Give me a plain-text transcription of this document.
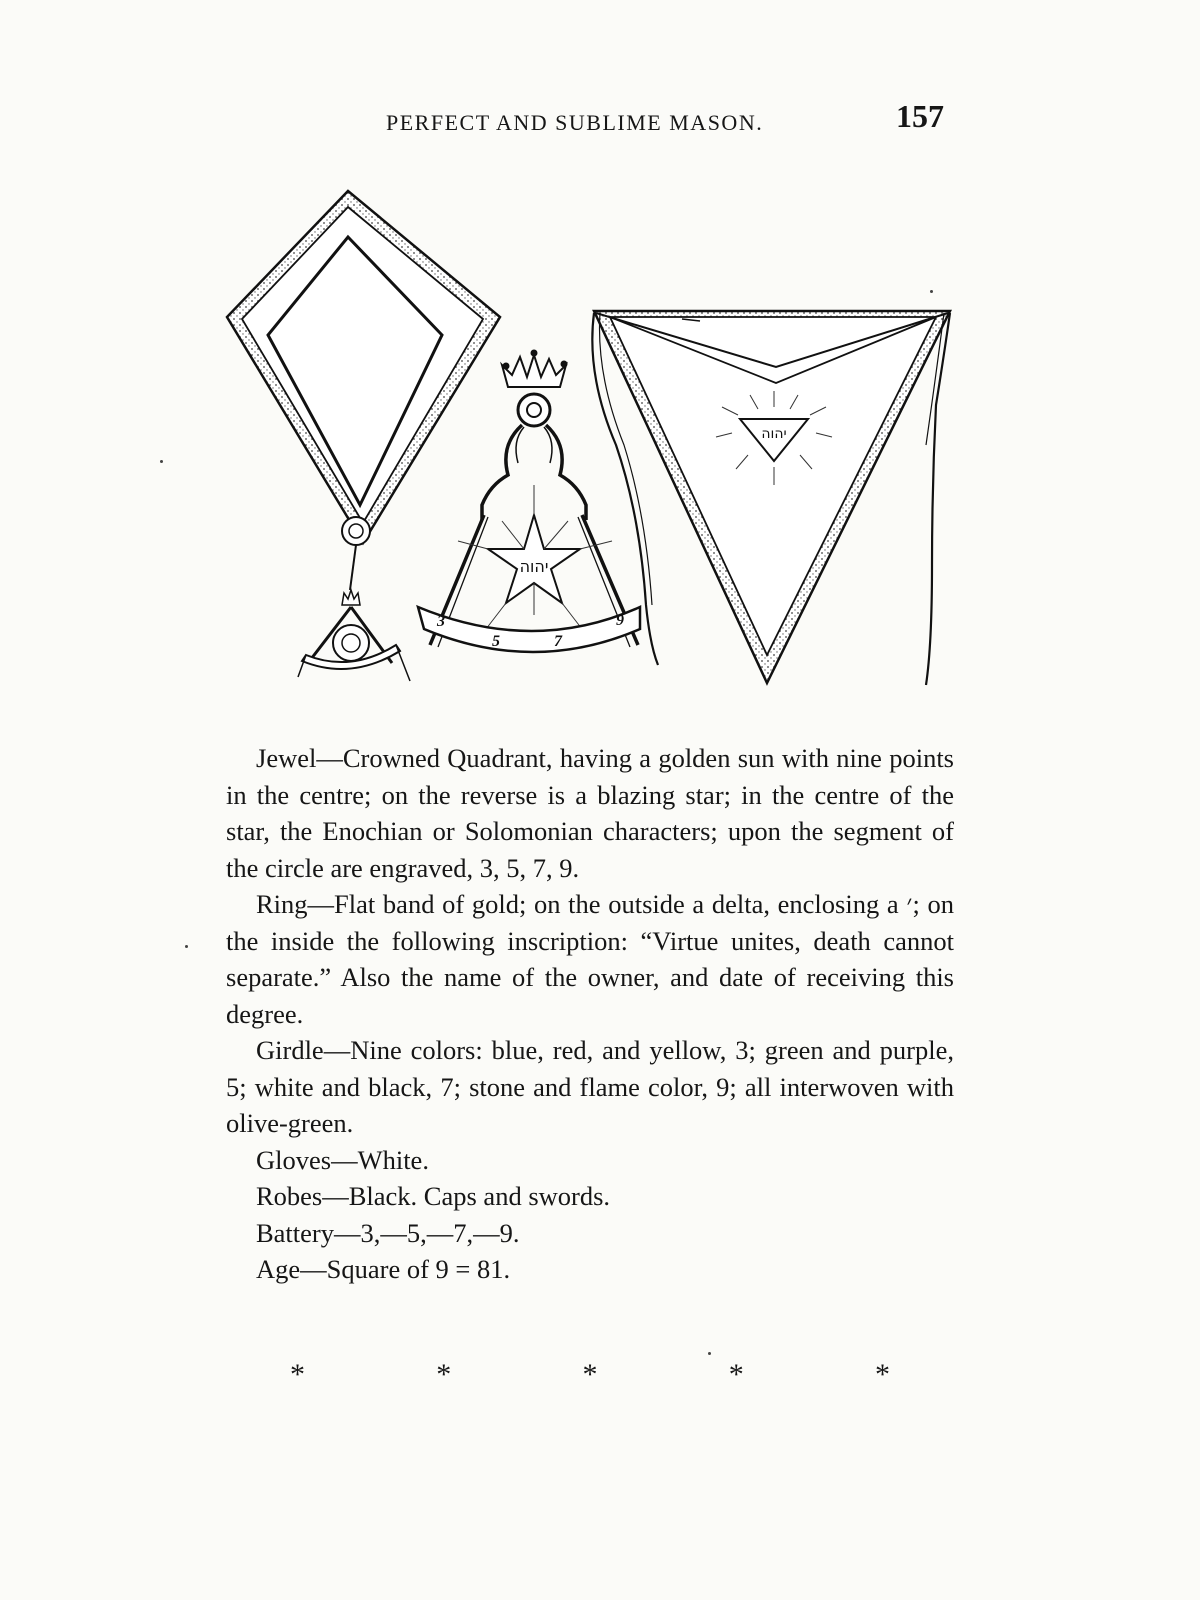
PERFECT AND SUBLIME MASON.	157
יהוה
3
5	7
9
יהוה

Jewel—Crowned Quadrant, having a golden sun with nine points in the centre; on the reverse is a blazing star; in the centre of the star, the Enochian or Solomonian characters; upon the segment of the circle are engraved, 3, 5, 7, 9.

Ring—Flat band of gold; on the outside a delta, enclosing a ׳; on the inside the following inscription: “Virtue unites, death cannot separate.” Also the name of the owner, and date of receiving this degree.

Girdle—Nine colors: blue, red, and yellow, 3; green and purple, 5; white and black, 7; stone and flame color, 9; all interwoven with olive-green.

Gloves—White.

Robes—Black. Caps and swords.

Battery—3,—5,—7,—9.

Age—Square of 9 = 81.

*	*	*	*	*
